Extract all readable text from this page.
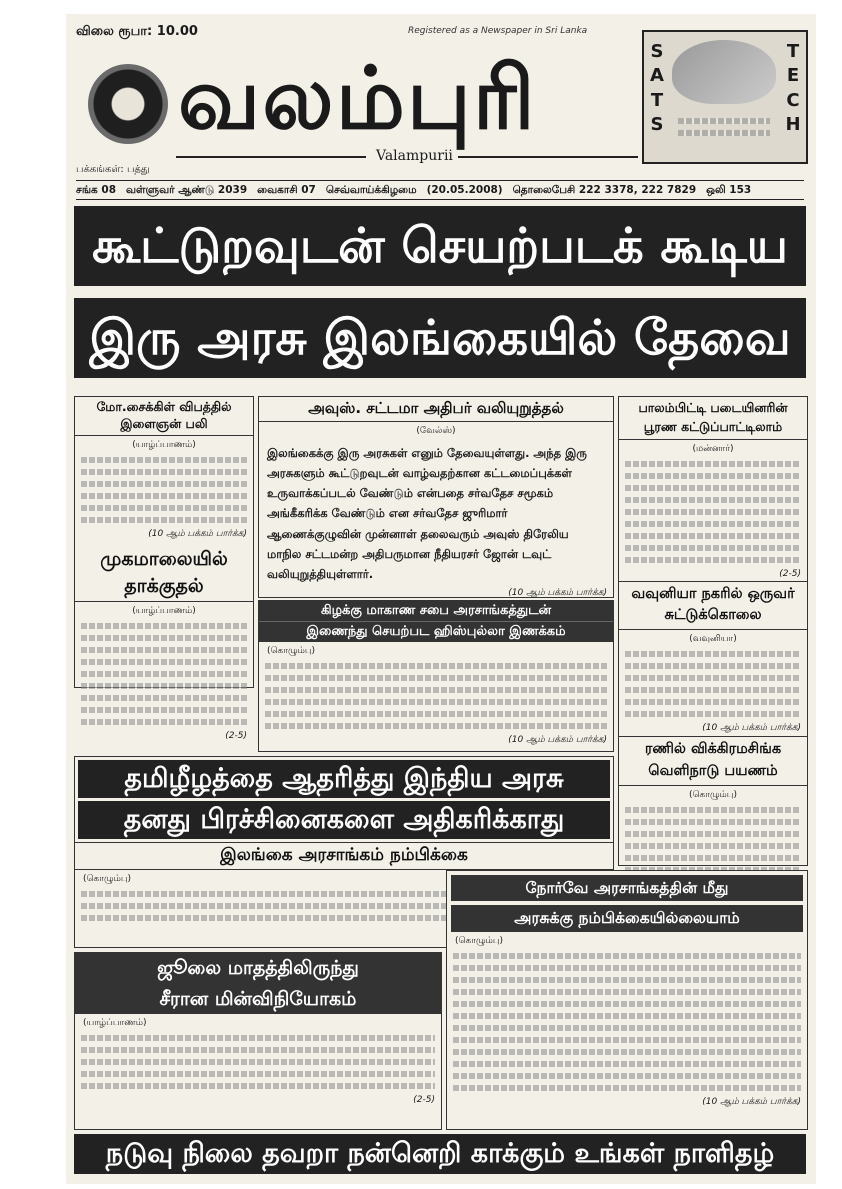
விலை ரூபா: 10.00	Registered as a Newspaper in Sri Lanka
வலம்புரி
Valampurii
S
A
T
S
T
E
C
H
பக்கங்கள்: பத்து
சங்க 08 வள்ளுவர் ஆண்டு 2039 வைகாசி 07 செவ்வாய்க்கிழமை (20.05.2008) தொலைபேசி 222 3378, 222 7829 ஒலி 153
கூட்டுறவுடன் செயற்படக் கூடிய
இரு அரசு இலங்கையில் தேவை
மோ.சைக்கிள் விபத்தில் இளைஞன் பலி
(யாழ்ப்பாணம்)
(10 ஆம் பக்கம் பார்க்க)
முகமாலையில் தாக்குதல்
(யாழ்ப்பாணம்)
(2-5)
அவுஸ். சட்டமா அதிபர் வலியுறுத்தல்
(வேல்ஸ்)
இலங்கைக்கு இரு அரசுகள் எனும் தேவையுள்ளது. அந்த இரு அரசுகளும் கூட்டுறவுடன் வாழ்வதற்கான கட்டமைப்புக்கள் உருவாக்கப்படல் வேண்டும் என்பதை சர்வதேச சமூகம் அங்கீகரிக்க வேண்டும் என சர்வதேச ஜுரிமார் ஆணைக்குழுவின் முன்னாள் தலைவரும் அவுஸ் திரேலிய மாநில சட்டமன்ற அதிபருமான நீதியரசர் ஜோன் டவுட் வலியுறுத்தியுள்ளார்.
(10 ஆம் பக்கம் பார்க்க)
கிழக்கு மாகாண சபை அரசாங்கத்துடன்
இணைந்து செயற்பட ஹிஸ்புல்லா இணக்கம்
(கொழும்பு)
(10 ஆம் பக்கம் பார்க்க)
பாலம்பிட்டி படையினரின் பூரண கட்டுப்பாட்டிலாம்
(மன்னார்)
(2-5)
வவுனியா நகரில் ஒருவர் சுட்டுக்கொலை
(வவுனியா)
(10 ஆம் பக்கம் பார்க்க)
ரணில் விக்கிரமசிங்க வெளிநாடு பயணம்
(கொழும்பு)
தமிழீழத்தை ஆதரித்து இந்திய அரசு
தனது பிரச்சினைகளை அதிகரிக்காது
இலங்கை அரசாங்கம் நம்பிக்கை
(கொழும்பு)
ஜூலை மாதத்திலிருந்து
சீரான மின்விநியோகம்
(யாழ்ப்பாணம்)
(2-5)
நோர்வே அரசாங்கத்தின் மீது
அரசுக்கு நம்பிக்கையில்லையாம்
(கொழும்பு)
(10 ஆம் பக்கம் பார்க்க)
நடுவு நிலை தவறா நன்னெறி காக்கும் உங்கள் நாளிதழ்
